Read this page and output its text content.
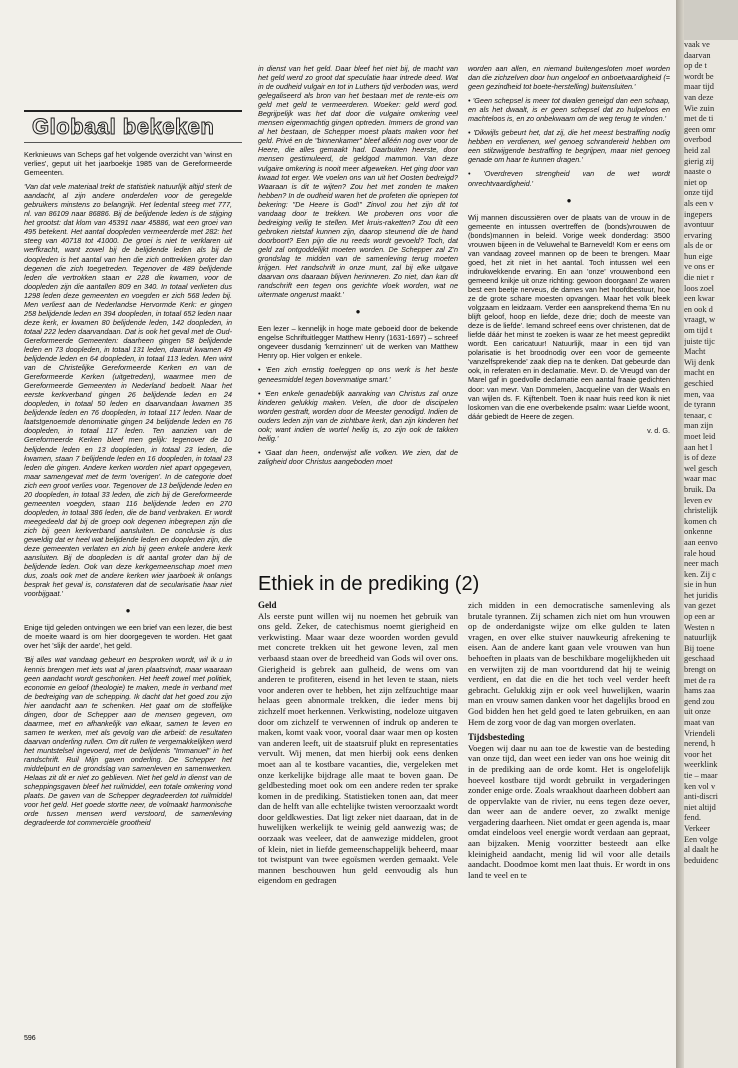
Globaal bekeken

Kerknieuws van Scheps gaf het volgende overzicht van 'winst en verlies', geput uit het jaarboekje 1985 van de Gereformeerde Gemeenten.

'Van dat vele materiaal trekt de statistiek natuurlijk altijd sterk de aandacht, al zijn andere onderdelen voor de geregelde gebruikers minstens zo belangrijk. Het ledental steeg met 777, nl. van 86109 naar 86886. Bij de belijdende leden is de stijging het grootst: dat klom van 45391 naar 45886, wat een groei van 495 betekent. Het aantal doopleden vermeerderde met 282: het steeg van 40718 tot 41000. De groei is niet te verklaren uit werfkracht, want zowel bij de belijdende leden als bij de doopleden is het aantal van hen die zich onttrekken groter dan degenen die zich toegetreden. Tegenover de 489 belijdende leden die vertrokken staan er 228 die kwamen, voor de doopleden zijn die aantallen 809 en 340. In totaal verlieten dus 1298 leden deze gemeenten en voegden er zich 568 leden bij. Men verliest aan de Nederlandse Hervormde Kerk: er gingen 258 belijdende leden en 394 doopleden, in totaal 652 leden naar deze kerk, er kwamen 80 belijdende leden, 142 doopleden, in totaal 222 leden daarvandaan. Dat is ook het geval met de Oud-Gereformeerde Gemeenten: daarheen gingen 58 belijdende leden en 73 doopleden, in totaal 131 leden, daaruit kwamen 49 belijdende leden en 64 doopleden, in totaal 113 leden. Men wint van de Christelijke Gereformeerde Kerken en van de Gereformeerde Kerken (uitgetreden), waarmee men de Gereformeerde Gemeenten in Nederland bedoelt. Naar het eerste kerkverband gingen 26 belijdende leden en 24 doopleden, in totaal 50 leden en daarvandaan kwamen 35 belijdende leden en 76 doopleden, in totaal 117 leden. Naar de laatstgenoemde denominatie gingen 24 belijdende leden en 76 doopleden, in totaal 117 leden. Ten aanzien van de Gereformeerde Kerken bleef men gelijk: tegenover de 10 belijdende leden en 13 doopleden, in totaal 23 leden, die kwamen, staan 7 belijdende leden en 16 doopleden, in totaal 23 leden die gingen. Andere kerken worden niet apart opgegeven, maar samengevat met de term 'overigen'. In de categorie doet zich een groot verlies voor. Tegenover de 13 belijdende leden en 20 doopleden, in totaal 33 leden, die zich bij de Gereformeerde gemeenten voegden, staan 116 belijdende leden en 270 doopleden, in totaal 386 leden, die de band verbraken. Er wordt meegedeeld dat bij de groep ook degenen inbegrepen zijn die zich bij geen kerkverband aansluiten. De conclusie is dus geweldig dat er heel wat belijdende leden en doopleden zijn, die deze gemeenten verlaten en zich bij geen enkele andere kerk aansluiten. Bij de doopleden is dit aantal groter dan bij de belijdende leden. Ook van deze kerkgemeenschap moet men dus, zoals ook met de andere kerken wier jaarboek ik onlangs besprak het geval is, constateren dat de secularisatie haar niet voorbijgaat.'

●

Enige tijd geleden ontvingen we een brief van een lezer, die best de moeite waard is om hier doorgegeven te worden. Het gaat over het 'slijk der aarde', het geld.

'Bij alles wat vandaag gebeurt en besproken wordt, wil ik u in kennis brengen met iets wat al jaren plaatsvindt, maar waaraan geen aandacht wordt geschonken. Het heeft zowel met politiek, economie en geloof (theologie) te maken, mede in verband met de bedreiging van de schepping. Ik dacht dat het goed zou zijn hier aandacht aan te schenken. Het gaat om de stoffelijke dingen, door de Schepper aan de mensen gegeven, om daarmee, met en afhankelijk van elkaar, samen te leven en samen te werken, met als gevolg van die arbeid: de resultaten daarvan onderling rullen. Om dit rullen te vergemakkelijken werd het muntstelsel ingevoerd, met de belijdenis "Immanuel" in het randschrift. Ruil Mijn gaven onderling. De Schepper het middelpunt en de grondslag van samenleven en samenwerken. Helaas zit dit er niet zo geblieven. Niet het geld in dienst van de scheppingsgaven bleef het ruilmiddel, een totale omkering vond plaats. De gaven van de Schepper degradeerden tot ruilmiddel voor het geld. Het goede stortte neer, de volmaakt harmonische orde tussen mensen werd verstoord, de samenleving degradeerde tot commerciële grootheid

in dienst van het geld. Daar bleef het niet bij, de macht van het geld werd zo groot dat speculatie haar intrede deed. Wat in de oudheid vulgair en tot in Luthers tijd verboden was, werd gelegaliseerd als bron van het bestaan met de rente-eis om geld met geld te vermeerderen. Woeker: geld werd god. Begrijpelijk was het dat door die vulgaire omkering veel mensen eigenmachtig gingen optreden. Immers de grond van al het bestaan, de Schepper moest plaats maken voor het geld. Privé en de "binnenkamer" bleef alléén nog over voor de Heere, die alles gemaakt had. Daarbuiten heerste, door mensen gestimuleerd, de geldgod mammon. Van deze vulgaire omkering is nooit meer afgeweken. Het ging door van kwaad tot erger. We voelen ons van uit het Oosten bedreigd? Waaraan is dit te wijten? Zou het met zonden te maken hebben? In de oudheid waren het de profeten die opriepen tot bekering: "De Heere is God!" Zinvol zou het zijn dit tot vandaag door te trekken. We proberen ons voor die bedreiging veilig te stellen. Met kruis-raketten? Zou dit een gebroken rietstaf kunnen zijn, daarop steunend die de hand doorboort? Een pijn die nu reeds wordt gevoeld? Toch, dat geld zal ontgoddelijkt moeten worden. De Schepper zal Z'n grondslag te midden van de samenleving terug moeten krijgen. Het randschrift in onze munt, zal bij elke uitgave daarvan ons daaraan blijven herinneren. Zo niet, dan kan dit randschrift een tegen ons gerichte vloek worden, wat ne uitermate ongerust maakt.'

●

Een lezer – kennelijk in hoge mate geboeid door de bekende engelse Schriftuitlegger Matthew Henry (1631-1697) – schreef ongeveer dusdanig 'kernzinnen' uit de werken van Matthew Henry op. Hier volgen er enkele.

• 'Een zich ernstig toeleggen op ons werk is het beste geneesmiddel tegen bovenmatige smart.'

• 'Een enkele genadeblijk aanraking van Christus zal onze kinderen gelukkig maken. Velen, die door de discipelen worden gestraft, worden door de Meester genodigd. Indien de ouders leden zijn van de zichtbare kerk, dan zijn kinderen het ook; want indien de wortel heilig is, zo zijn ook de takken heilig.'

• 'Gaat dan heen, onderwijst alle volken. We zien, dat de zaligheid door Christus aangeboden moet

worden aan allen, en niemand buitengesloten moet worden dan die zichzelven door hun ongeloof en onboetvaardigheid (= geen gezindheid tot boete-herstelling) buitensluiten.'

• 'Geen schepsel is meer tot dwalen geneigd dan een schaap, en als het dwaalt, is er geen schepsel dat zo hulpeloos en machteloos is, en zo onbekwaam om de weg terug te vinden.'

• 'Dikwijls gebeurt het, dat zij, die het meest bestraffing nodig hebben en verdienen, wel genoeg schrandereid hebben om een stilzwijgende bestraffing te begrijpen, maar niet genoeg genade om haar te kunnen dragen.'

• 'Overdreven strengheid van de wet wordt onrechtvaardigheid.'

●

Wij mannen discussiëren over de plaats van de vrouw in de gemeente en intussen overtreffen de (bonds)vrouwen de (bonds)mannen in beleid. Vorige week donderdag: 3500 vrouwen bijeen in de Veluwehal te Barneveld! Kom er eens om van vandaag zoveel mannen op de been te brengen. Maar goed, het zit niet in het aantal. Toch intussen wel een indrukwekkende ervaring. En aan 'onze' vrouwenbond een gemeend knikje uit onze richting: gewoon doorgaan! Ze waren best een beetje nerveus, de dames van het hoofdbestuur, hoe ze de grote schare moesten opvangen. Maar het volk bleek volgzaam en leidzaam. Verder een aansprekend thema 'En nu blijft geloof, hoop en liefde, deze drie; doch de meeste van deze is de liefde'. Iemand schreef eens over christenen, dat de liefde dáár het minst te zoeken is waar ze het meest gepredikt wordt. Een caricatuur! Natuurlijk, maar in een tijd van polarisatie is het broodnodig over een voor de gemeente 'vanzelfsprekende' zaak diep na te denken. Dat gebeurde dan ook, in referaten en in declamatie. Mevr. D. de Vreugd van der Marel gaf in goedvolle declamatie een aantal fraaie gedichten door: van mevr. Van Dommelen, Jacqueline van der Waals en van wijlen ds. F. Kijftenbelt. Toen ik naar huis reed kon ik niet loskomen van die ene overbekende psalm: waar Liefde woont, dáár gebiedt de Heere de zegen.

v. d. G.

Ethiek in de prediking (2)
Geld

Als eerste punt willen wij nu noemen het gebruik van ons geld. Zeker, de catechismus noemt gierigheid en verkwisting. Maar waar deze woorden worden gevuld met concrete trekken uit het gewone leven, zal men verbaasd staan over de breedheid van Gods wil over ons. Gierigheid is gebrek aan gulheid, de wens om van anderen te profiteren, eisend in het leven te staan, niets voor anderen over te hebben, het zijn zelfzuchtige maar helaas geen abnormale trekken, die ieder mens bij zichzelf moet herkennen. Verkwisting, nodeloze uitgaven door om zichzelf te verwennen of indruk op anderen te maken, komt vaak voor, vooral daar waar men op kosten van anderen leeft, uit de staatsruif plukt en representaties vervult. Wij menen, dat men hierbij ook eens denken moet aan al te kostbare vacanties, die, vergeleken met onze kerkelijke bijdrage alle maat te boven gaan. De geldbesteding moet ook om een andere reden ter sprake komen in de prediking. Statistieken tonen aan, dat meer dan de helft van alle echtelijke twisten veroorzaakt wordt door geldkwesties. Dat ligt zeker niet daaraan, dat in de huwelijken werkelijk te weinig geld aanwezig was; de oorzaak was veeleer, dat de aanwezige middelen, groot of klein, niet in liefde gemeenschappelijk beheerd, maar tot twistpunt van twee egoïsmen werden gemaakt. Vele mannen beschouwen hun geld eenvoudig als hun eigendom en gedragen

zich midden in een democratische samenleving als brutale tyrannen. Zij schamen zich niet om hun vrouwen op de onderdanigste wijze om elke gulden te laten vragen, en over elke stuiver nauwkeurig afrekening te eisen. Aan de andere kant gaan vele vrouwen van hun behoeften in plaats van de beschikbare mogelijkheden uit en verwijten zij de man voortdurend dat hij te weinig verdient, en dat die en die het toch veel verder heeft gebracht. Gelukkig zijn er ook veel huwelijken, waarin man en vrouw samen danken voor het dagelijks brood en God bidden hen het geld goed te laten gebruiken, en aan Hem de zorg voor de dag van morgen overlaten.

Tijdsbesteding

Voegen wij daar nu aan toe de kwestie van de besteding van onze tijd, dan weet een ieder van ons hoe weinig dit in de prediking aan de orde komt. Het is ongelofelijk hoeveel kostbare tijd wordt gebruikt in vergaderingen zonder enige orde. Zoals wraakhout daarheen dobbert aan de oppervlakte van de rivier, nu eens tegen deze oever, dan weer aan de andere oever, zo zwalkt menige vergadering daarheen. Niet omdat er geen agenda is, maar omdat eindeloos veel energie wordt verdaan aan gepraat, aan bijzaken. Menig voorzitter besteedt aan elke kleinigheid aandacht, menig lid wil voor alle details aandacht. Doodmoe komt men laat thuis. Er wordt in ons land te veel en te

596
vaak ve
daarvan
op de t
wordt be
maar tijd
van deze
Wie zuin
met de ti
geen omr
overbod
heid zal
gierig zij
naaste o
niet op
onze tijd
als een v
ingepers
avontuur
ervaring
als de or
hun eige
ve ons er
die niet r
loos zoel
een kwar
en ook d
vraagt, w
om tijd t
juiste tijc
Macht
Wij denk
macht en
geschied
men, vaa
de tyrann
tenaar, c
man zijn
moet leid
aan het l
is of deze
wel gesch
waar mac
bruik. Da
leven ev
christelijk
komen ch
onkenne
aan eenvo
rale houd
neer mach
ken. Zij c
sie in hun
het juridis
van gezet
op een ar
Westen n
natuurlijk
Bij toene
geschaad
brengt on
met de ra
hams zaa
gend zou
uit onze
maat van
Vriendeli
nerend, h
voor het
weerklink
tie – maar
ken vol v
anti-discri
niet altijd
fend.
Verkeer
Een volge
al daalt he
beduidenc
